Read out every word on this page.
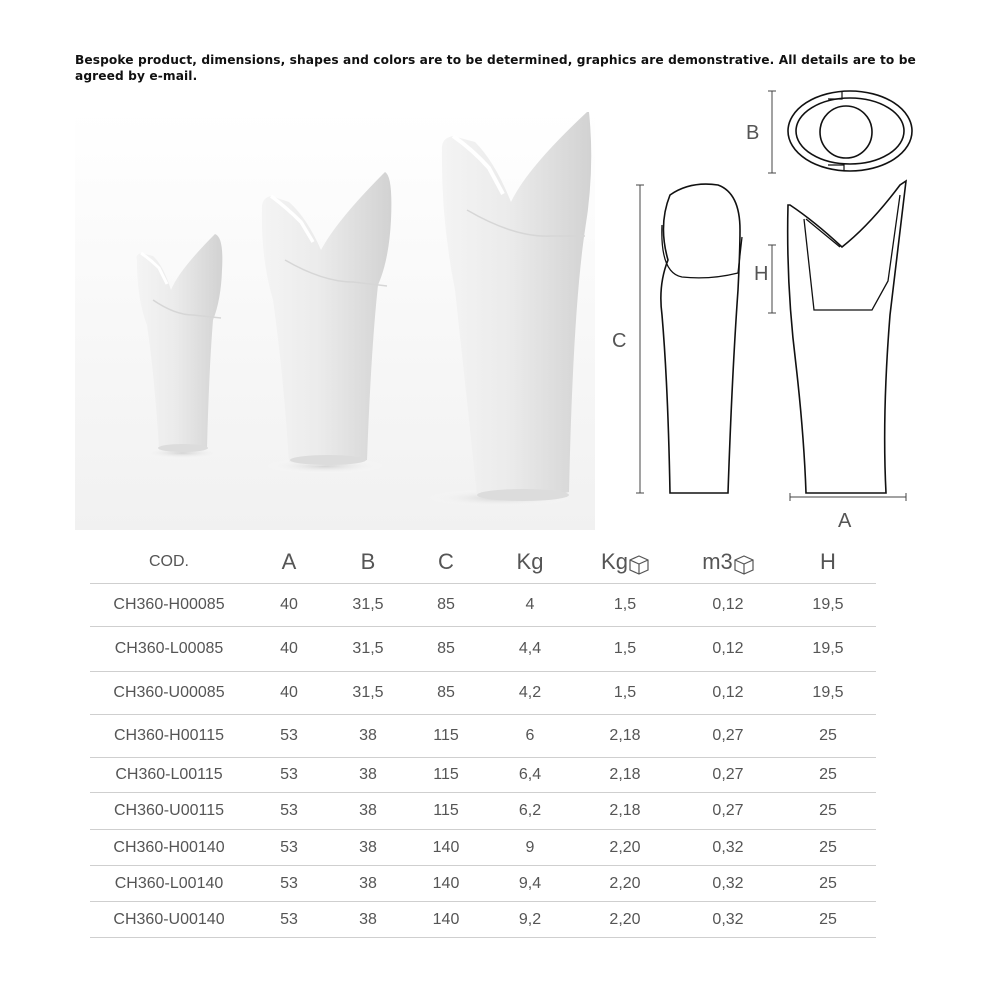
Bespoke product, dimensions, shapes and colors are to be determined, graphics are demonstrative. All details are to be agreed by e-mail.
B
C
H
A
COD.	A	B	C	Kg	Kg	m3	H
CH360-H00085	40	31,5	85	4	1,5	0,12	19,5
CH360-L00085	40	31,5	85	4,4	1,5	0,12	19,5
CH360-U00085	40	31,5	85	4,2	1,5	0,12	19,5
CH360-H00115	53	38	115	6	2,18	0,27	25
CH360-L00115	53	38	115	6,4	2,18	0,27	25
CH360-U00115	53	38	115	6,2	2,18	0,27	25
CH360-H00140	53	38	140	9	2,20	0,32	25
CH360-L00140	53	38	140	9,4	2,20	0,32	25
CH360-U00140	53	38	140	9,2	2,20	0,32	25
